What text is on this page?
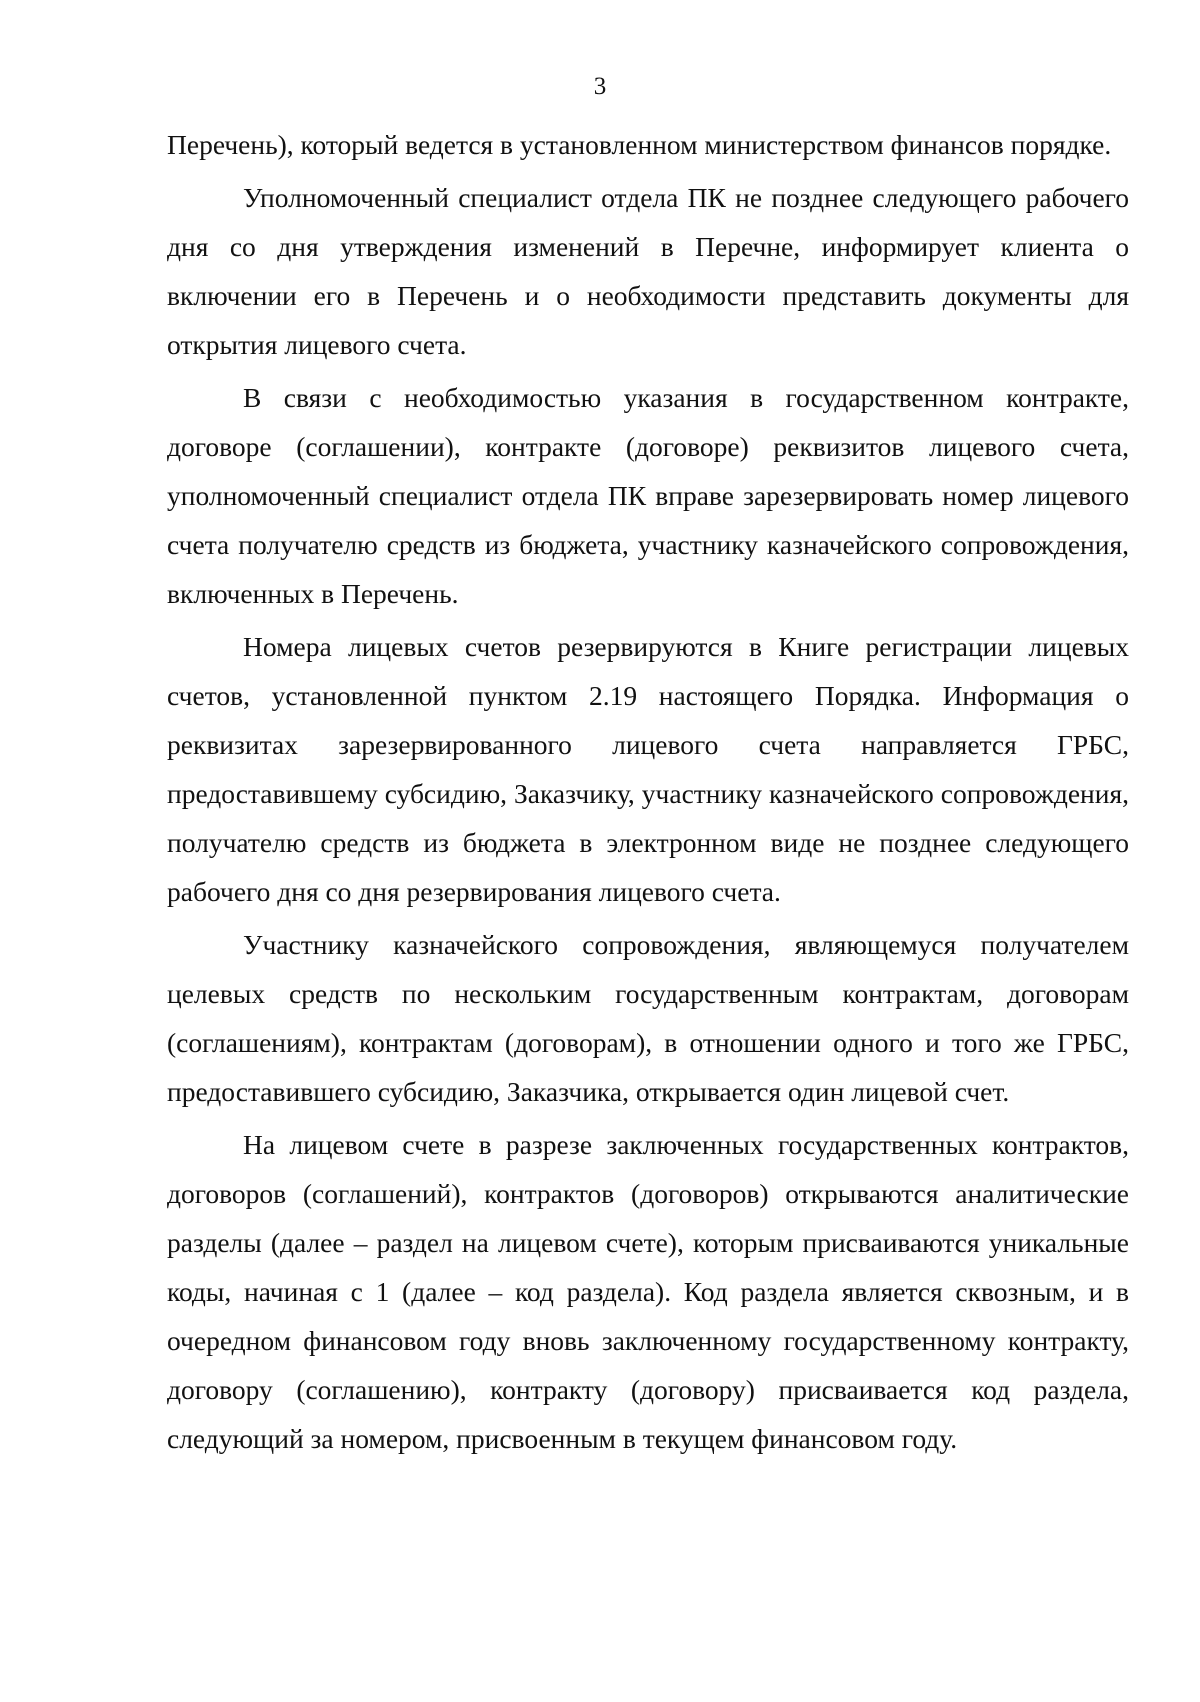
3

Перечень), который ведется в установленном министерством финансов порядке.

Уполномоченный специалист отдела ПК не позднее следующего рабочего дня со дня утверждения изменений в Перечне, информирует клиента о включении его в Перечень и о необходимости представить документы для открытия лицевого счета.

В связи с необходимостью указания в государственном контракте, договоре (соглашении), контракте (договоре) реквизитов лицевого счета, уполномоченный специалист отдела ПК вправе зарезервировать номер лицевого счета получателю средств из бюджета, участнику казначейского сопровождения, включенных в Перечень.

Номера лицевых счетов резервируются в Книге регистрации лицевых счетов, установленной пунктом 2.19 настоящего Порядка. Информация о реквизитах зарезервированного лицевого счета направляется ГРБС, предоставившему субсидию, Заказчику, участнику казначейского сопровождения, получателю средств из бюджета в электронном виде не позднее следующего рабочего дня со дня резервирования лицевого счета.

Участнику казначейского сопровождения, являющемуся получателем целевых средств по нескольким государственным контрактам, договорам (соглашениям), контрактам (договорам), в отношении одного и того же ГРБС, предоставившего субсидию, Заказчика, открывается один лицевой счет.

На лицевом счете в разрезе заключенных государственных контрактов, договоров (соглашений), контрактов (договоров) открываются аналитические разделы (далее – раздел на лицевом счете), которым присваиваются уникальные коды, начиная с 1 (далее – код раздела). Код раздела является сквозным, и в очередном финансовом году вновь заключенному государственному контракту, договору (соглашению), контракту (договору) присваивается код раздела, следующий за номером, присвоенным в текущем финансовом году.
